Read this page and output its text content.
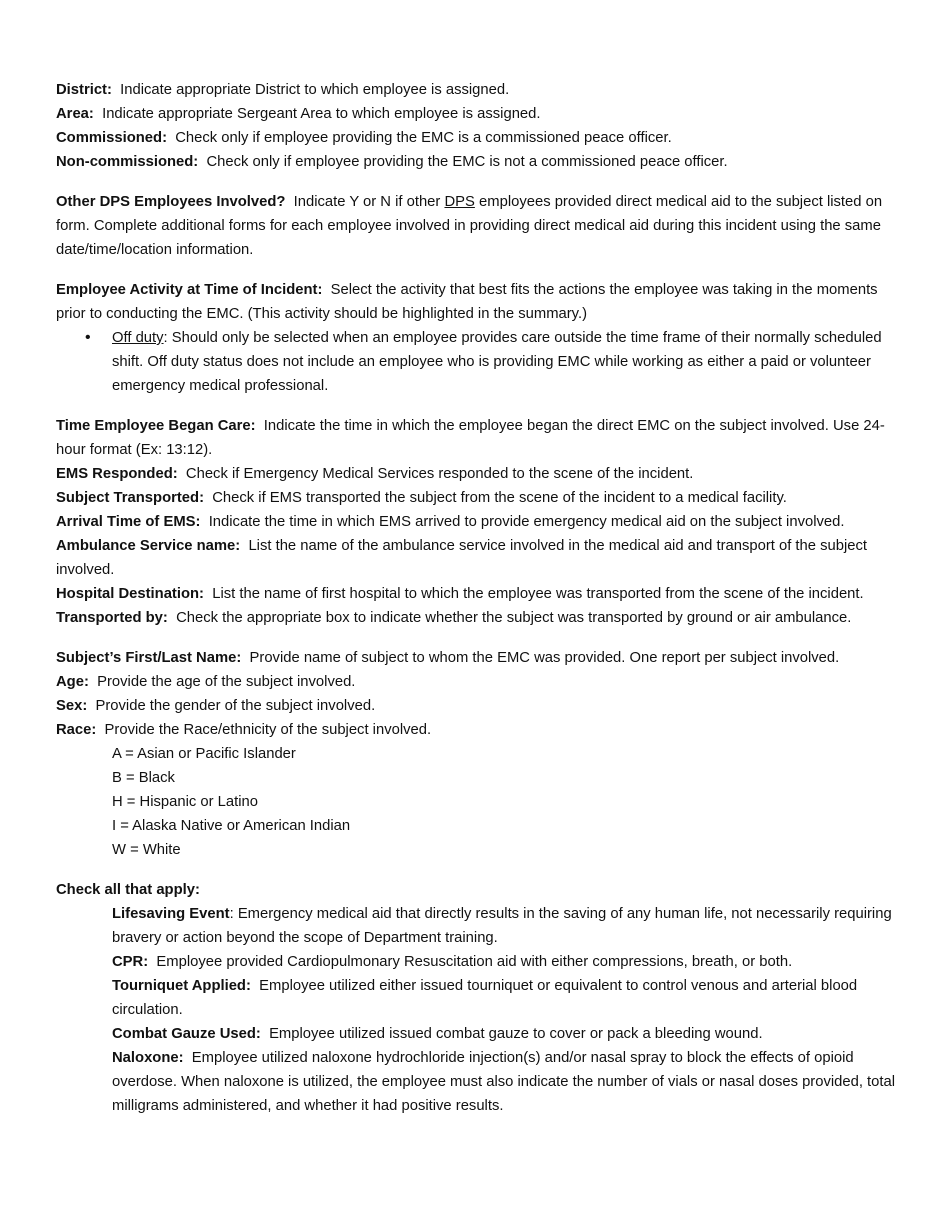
District: Indicate appropriate District to which employee is assigned.

Area: Indicate appropriate Sergeant Area to which employee is assigned.

Commissioned: Check only if employee providing the EMC is a commissioned peace officer.

Non-commissioned: Check only if employee providing the EMC is not a commissioned peace officer.

Other DPS Employees Involved? Indicate Y or N if other DPS employees provided direct medical aid to the subject listed on form. Complete additional forms for each employee involved in providing direct medical aid during this incident using the same date/time/location information.

Employee Activity at Time of Incident: Select the activity that best fits the actions the employee was taking in the moments prior to conducting the EMC. (This activity should be highlighted in the summary.)

• Off duty: Should only be selected when an employee provides care outside the time frame of their normally scheduled shift. Off duty status does not include an employee who is providing EMC while working as either a paid or volunteer emergency medical professional.

Time Employee Began Care: Indicate the time in which the employee began the direct EMC on the subject involved. Use 24-hour format (Ex: 13:12).

EMS Responded: Check if Emergency Medical Services responded to the scene of the incident.

Subject Transported: Check if EMS transported the subject from the scene of the incident to a medical facility.

Arrival Time of EMS: Indicate the time in which EMS arrived to provide emergency medical aid on the subject involved.

Ambulance Service name: List the name of the ambulance service involved in the medical aid and transport of the subject involved.

Hospital Destination: List the name of first hospital to which the employee was transported from the scene of the incident.

Transported by: Check the appropriate box to indicate whether the subject was transported by ground or air ambulance.

Subject’s First/Last Name: Provide name of subject to whom the EMC was provided. One report per subject involved.

Age: Provide the age of the subject involved.

Sex: Provide the gender of the subject involved.

Race: Provide the Race/ethnicity of the subject involved.

A = Asian or Pacific Islander

B = Black

H = Hispanic or Latino

I = Alaska Native or American Indian

W = White

Check all that apply:

Lifesaving Event: Emergency medical aid that directly results in the saving of any human life, not necessarily requiring bravery or action beyond the scope of Department training.

CPR: Employee provided Cardiopulmonary Resuscitation aid with either compressions, breath, or both.

Tourniquet Applied: Employee utilized either issued tourniquet or equivalent to control venous and arterial blood circulation.

Combat Gauze Used: Employee utilized issued combat gauze to cover or pack a bleeding wound.

Naloxone: Employee utilized naloxone hydrochloride injection(s) and/or nasal spray to block the effects of opioid overdose. When naloxone is utilized, the employee must also indicate the number of vials or nasal doses provided, total milligrams administered, and whether it had positive results.
